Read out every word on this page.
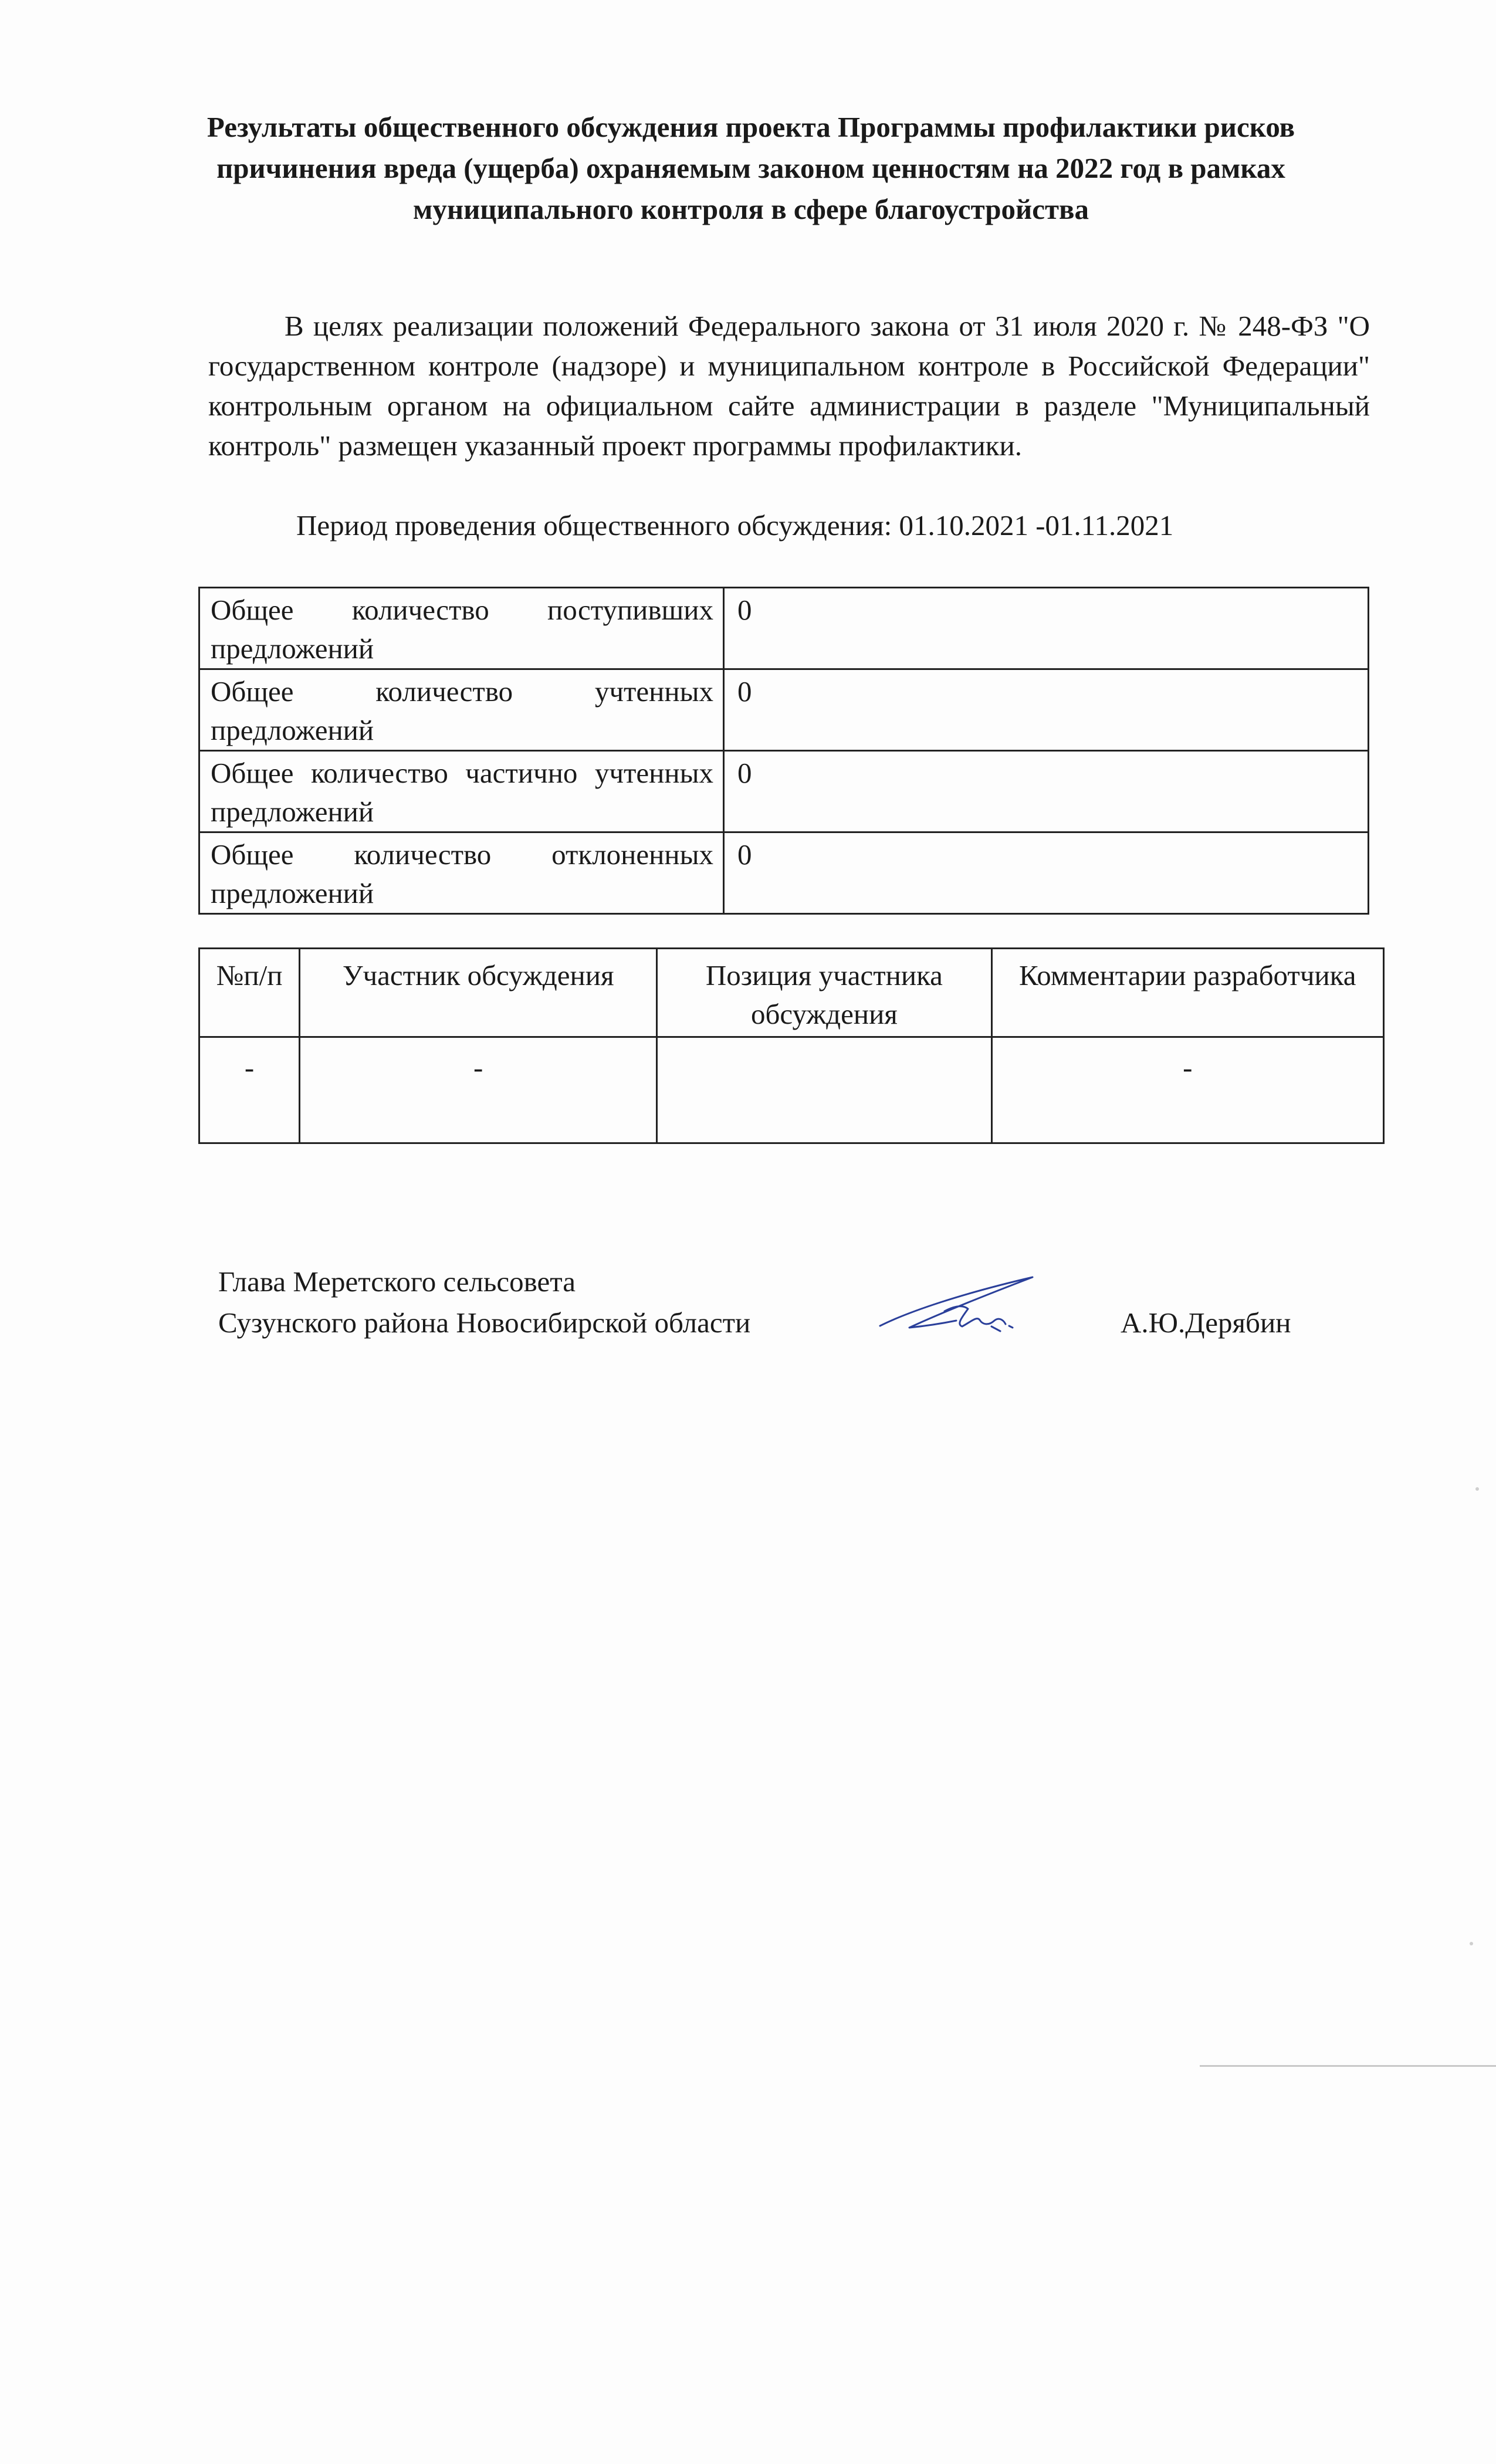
Результаты общественного обсуждения проекта Программы профилактики рисков причинения вреда (ущерба) охраняемым законом ценностям на 2022 год в рамках муниципального контроля в сфере благоустройства

В целях реализации положений Федерального закона от 31 июля 2020 г. № 248-ФЗ "О государственном контроле (надзоре) и муниципальном контроле в Российской Федерации" контрольным органом на официальном сайте администрации в разделе "Муниципальный контроль" размещен указанный проект программы профилактики.

Период проведения общественного обсуждения: 01.10.2021 -01.11.2021

Общее количество поступивших предложений	0
Общее количество учтенных предложений	0
Общее количество частично учтенных предложений	0
Общее количество отклоненных предложений	0
№п/п	Участник обсуждения	Позиция участника обсуждения	Комментарии разработчика
-	-		-
Глава Меретского сельсовета
Сузунского района Новосибирской области	А.Ю.Дерябин
